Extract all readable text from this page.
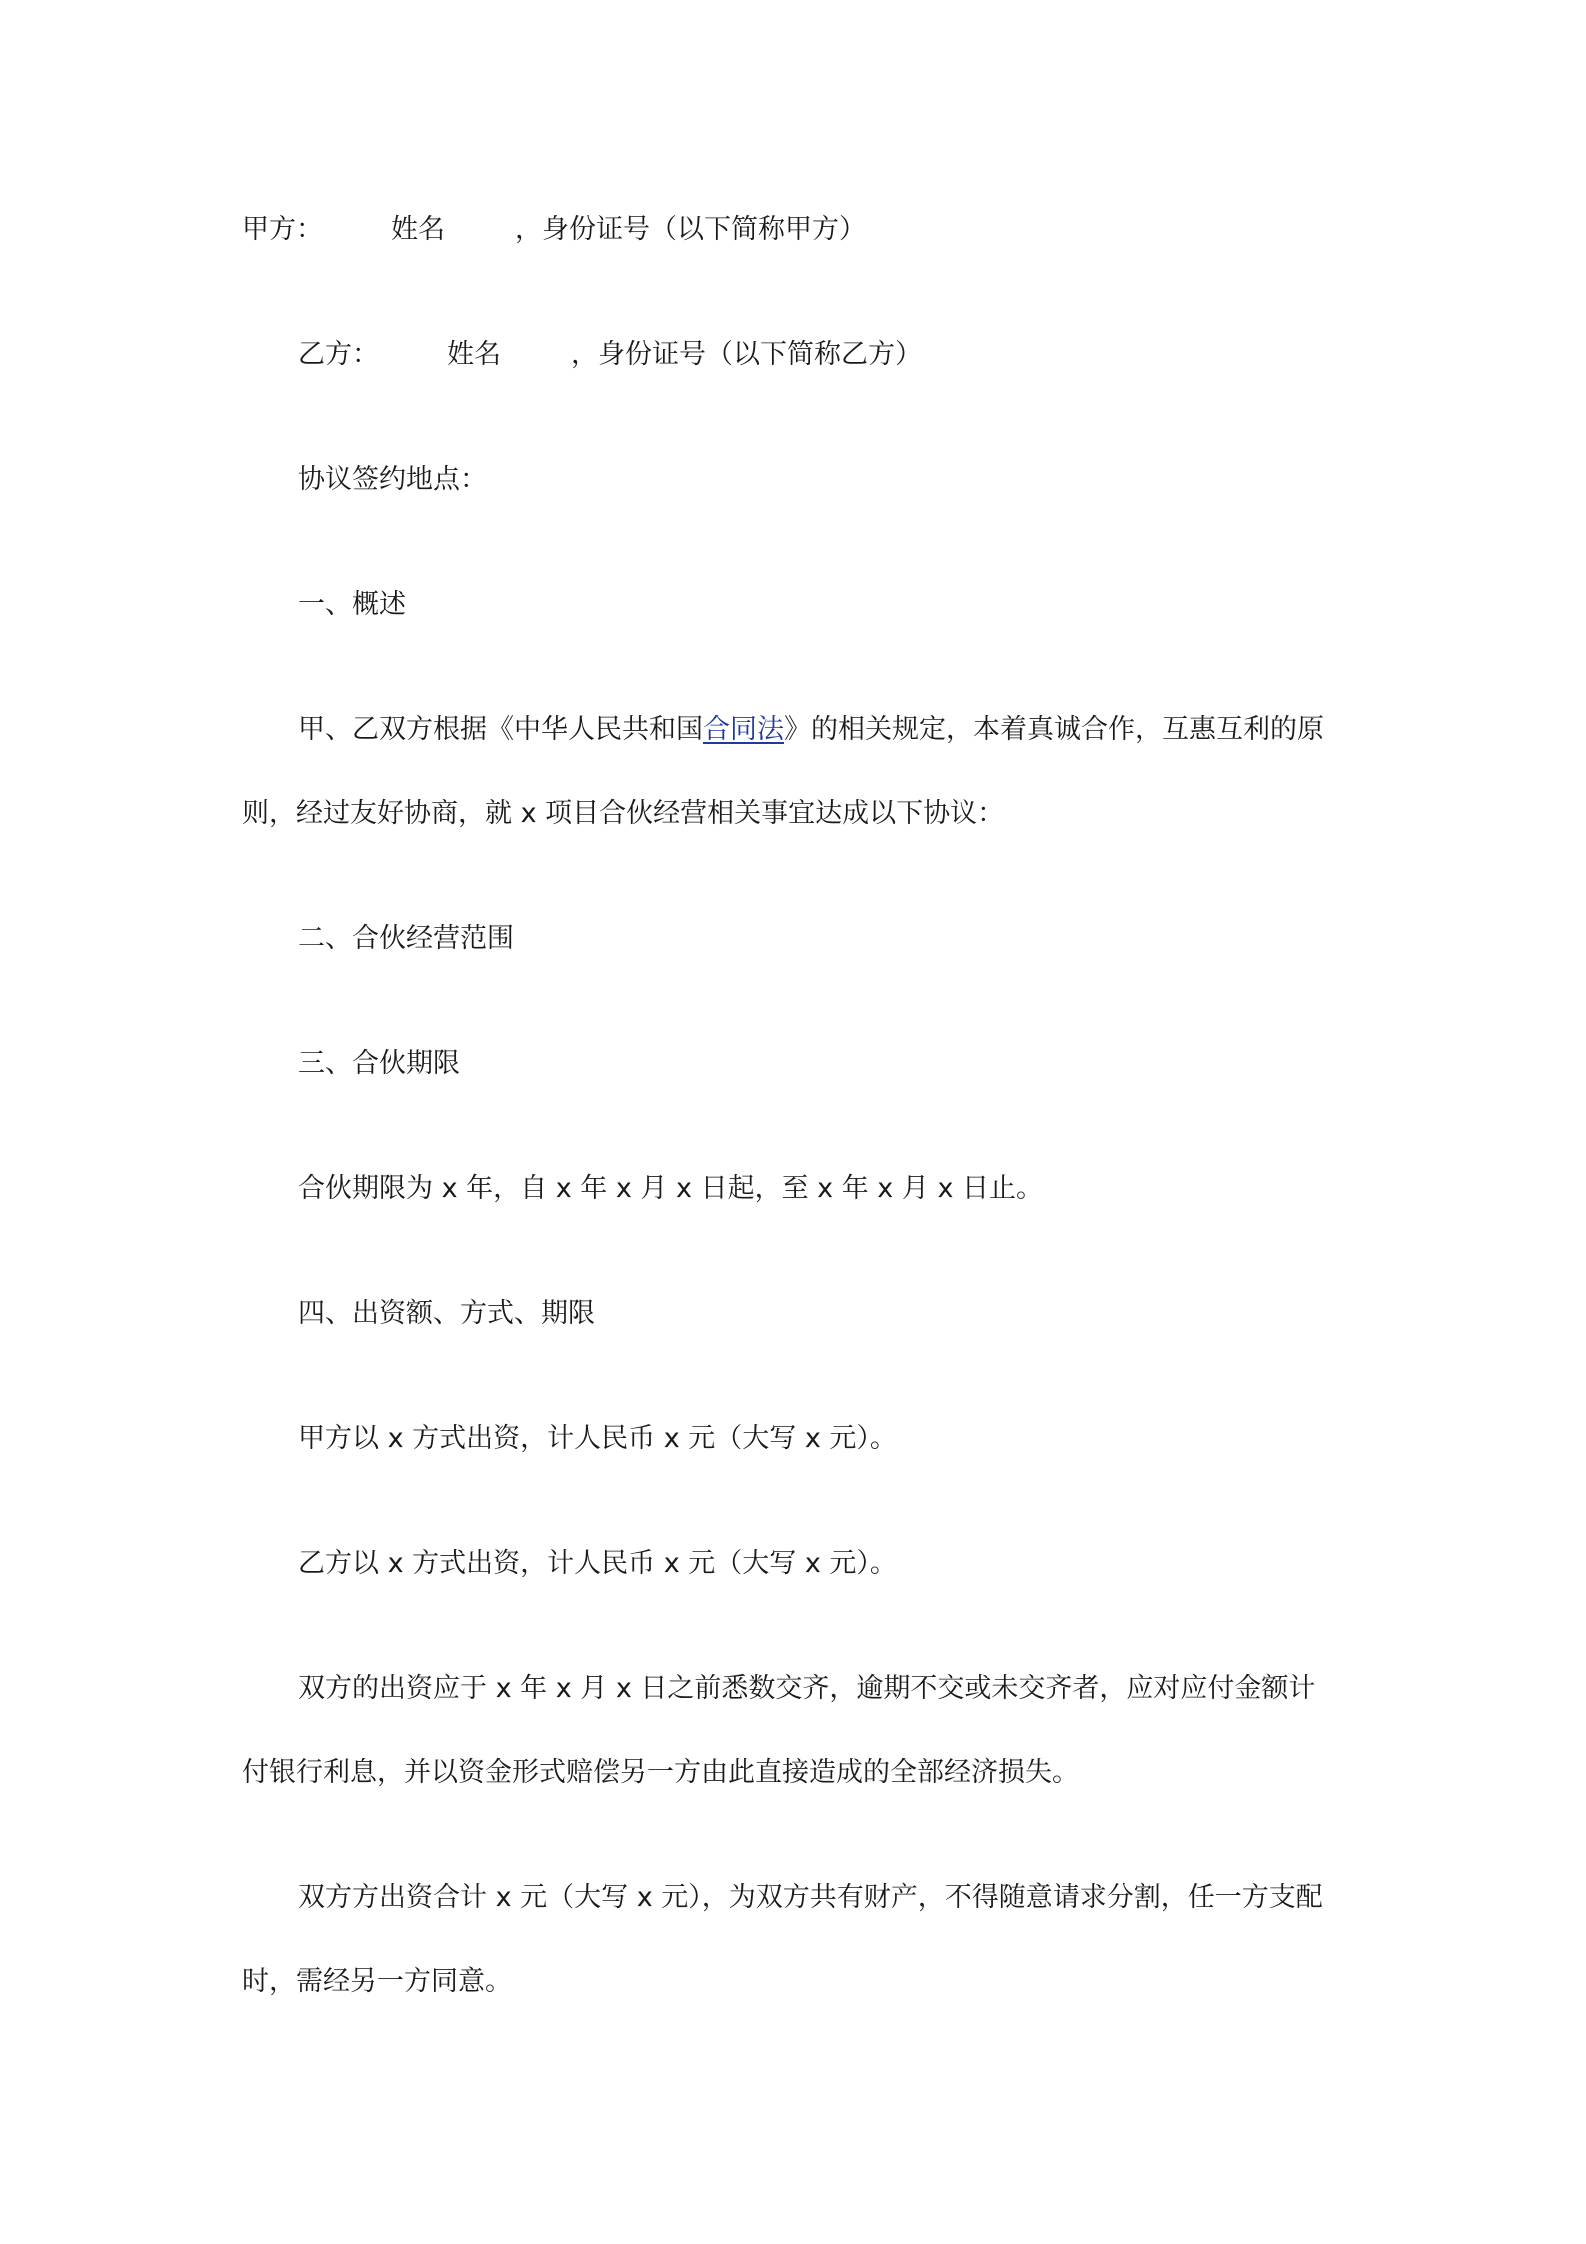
甲方：	姓名	，身份证号（以下简称甲方）
乙方：	姓名	，身份证号（以下简称乙方）
协议签约地点：
一、概述
甲、乙双方根据《中华人民共和国合同法》的相关规定，本着真诚合作，互惠互利的原
则，经过友好协商，就 x 项目合伙经营相关事宜达成以下协议：
二、合伙经营范围
三、合伙期限
合伙期限为 x 年，自 x 年 x 月 x 日起，至 x 年 x 月 x 日止。
四、出资额、方式、期限
甲方以 x 方式出资，计人民币 x 元（大写 x 元）。
乙方以 x 方式出资，计人民币 x 元（大写 x 元）。
双方的出资应于 x 年 x 月 x 日之前悉数交齐，逾期不交或未交齐者，应对应付金额计
付银行利息，并以资金形式赔偿另一方由此直接造成的全部经济损失。
双方方出资合计 x 元（大写 x 元），为双方共有财产，不得随意请求分割，任一方支配
时，需经另一方同意。
